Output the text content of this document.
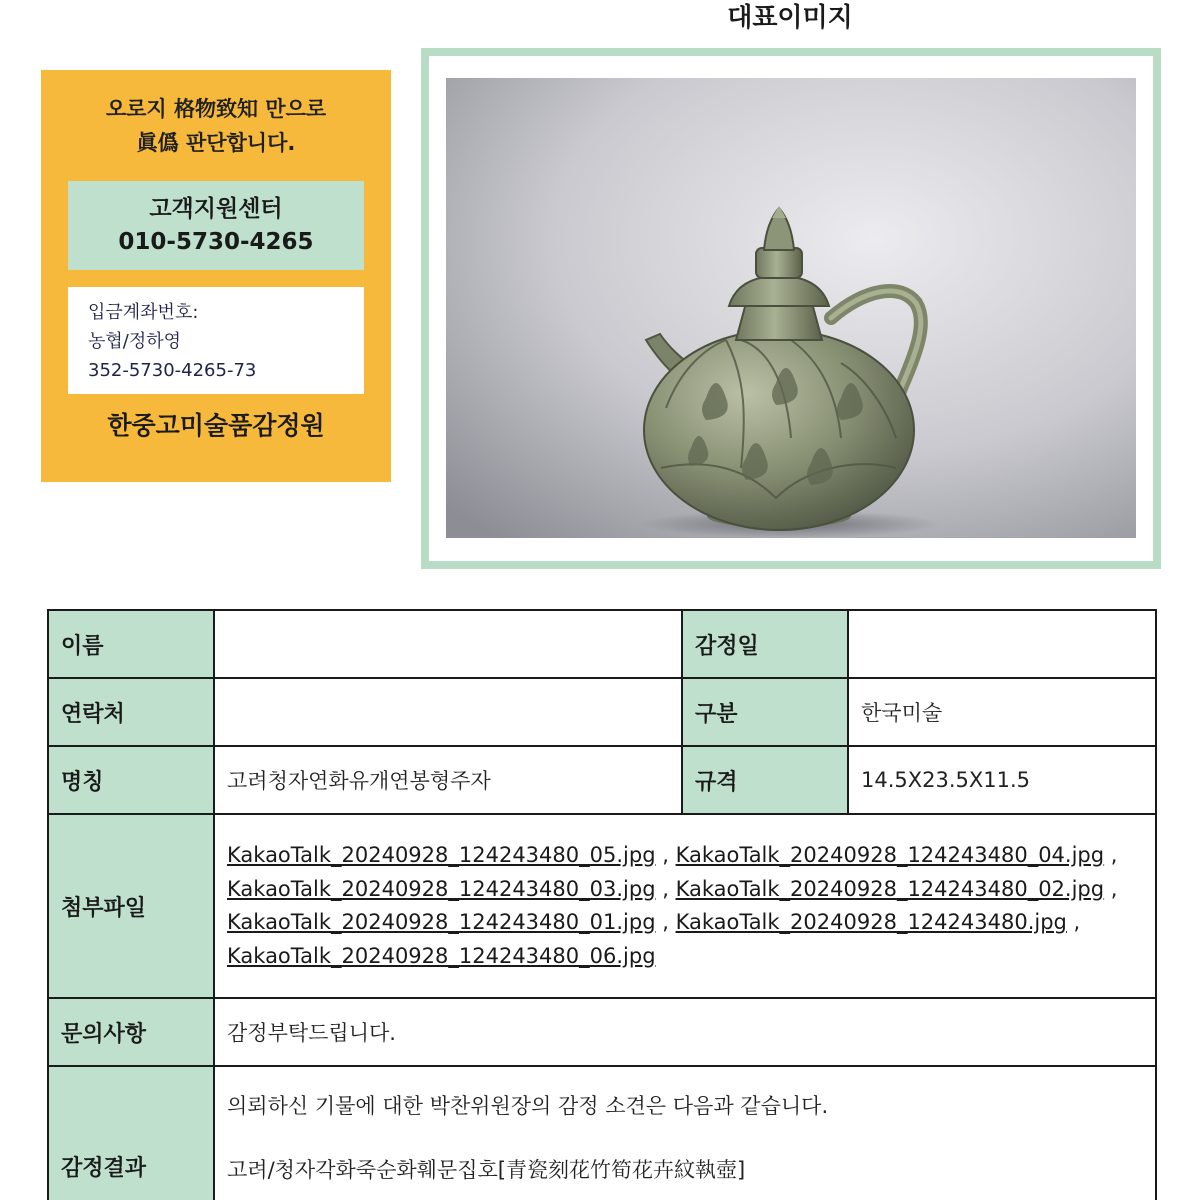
오로지 格物致知 만으로
眞僞 판단합니다.
고객지원센터
010-5730-4265
입금계좌번호:
농협/정하영
352-5730-4265-73
한중고미술품감정원
대표이미지
이름		감정일	
연락처		구분	한국미술
명칭	고려청자연화유개연봉형주자	규격	14.5X23.5X11.5
첨부파일	KakaoTalk_20240928_124243480_05.jpg , KakaoTalk_20240928_124243480_04.jpg ,
KakaoTalk_20240928_124243480_03.jpg , KakaoTalk_20240928_124243480_02.jpg ,
KakaoTalk_20240928_124243480_01.jpg , KakaoTalk_20240928_124243480.jpg ,
KakaoTalk_20240928_124243480_06.jpg		

문의사항	감정부탁드립니다.		
감정결과	의뢰하신 기물에 대한 박찬위원장의 감정 소견은 다음과 같습니다.
고려/청자각화죽순화훼문집호[青瓷刻花竹筍花卉紋執壺]		
